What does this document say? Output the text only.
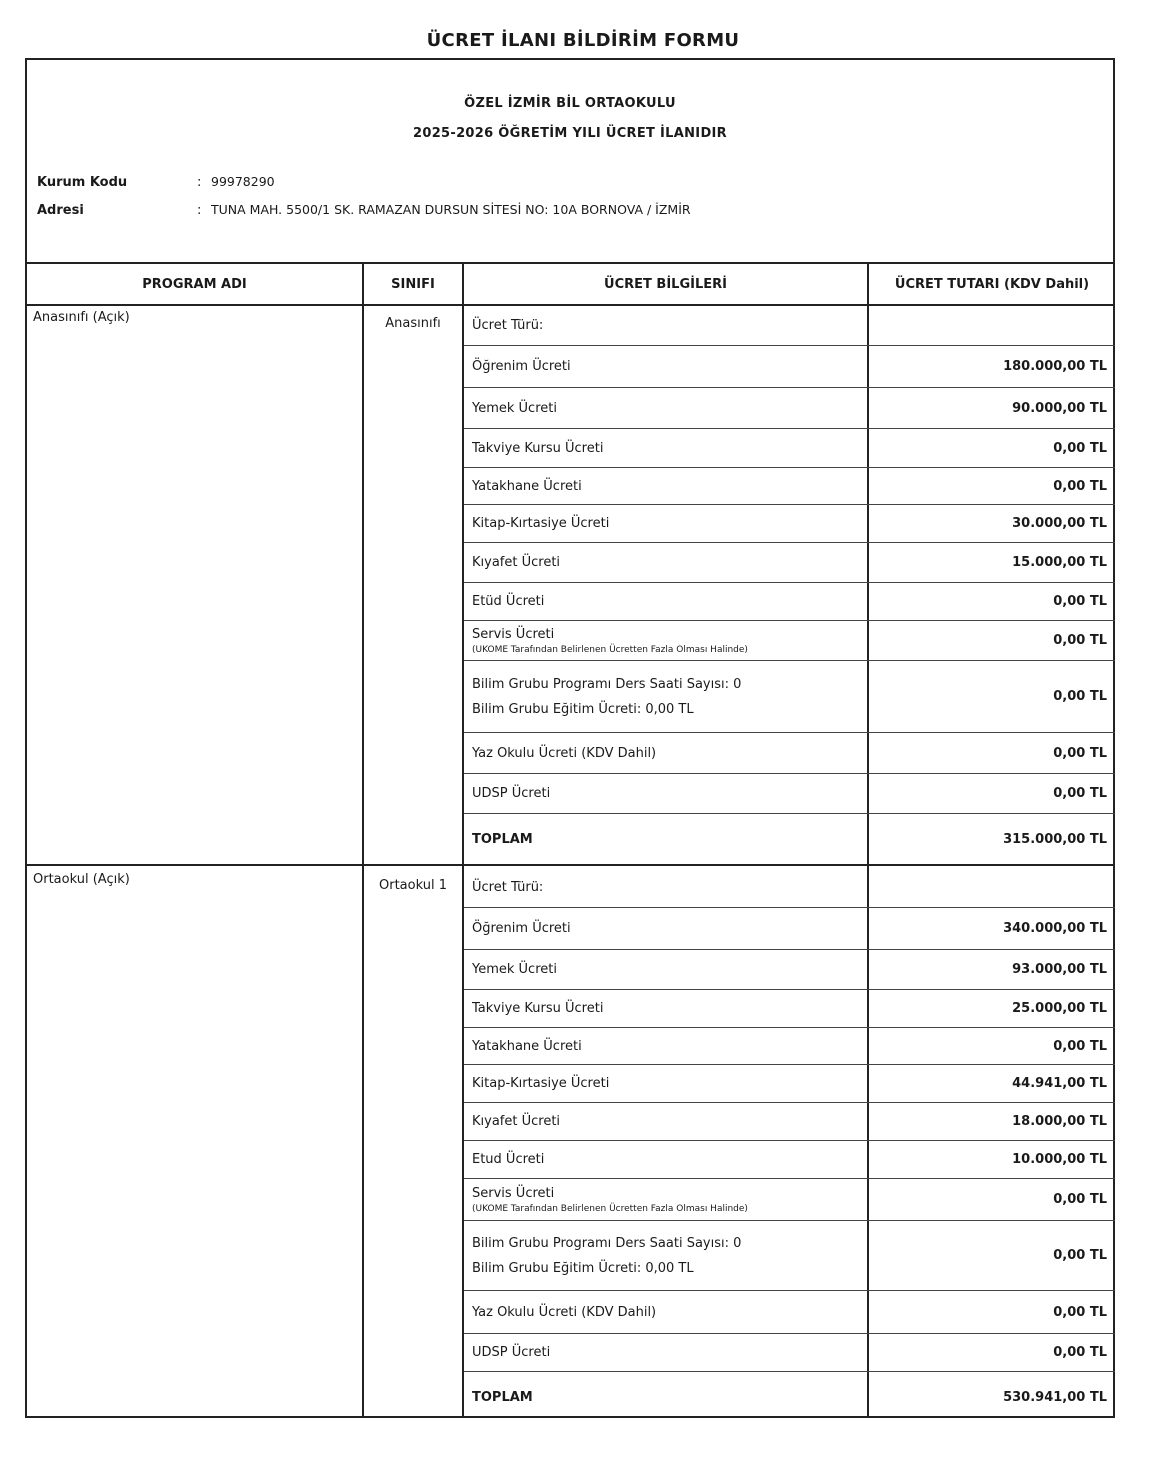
ÜCRET İLANI BİLDİRİM FORMU
ÖZEL İZMİR BİL ORTAOKULU
2025-2026 ÖĞRETİM YILI ÜCRET İLANIDIR
Kurum Kodu	: 99978290
Adresi	: TUNA MAH. 5500/1 SK. RAMAZAN DURSUN SİTESİ NO: 10A BORNOVA / İZMİR
PROGRAM ADI	SINIFI	ÜCRET BİLGİLERİ	ÜCRET TUTARI (KDV Dahil)
Anasınıfı (Açık)	Anasınıfı	Ücret Türü:
Öğrenim Ücreti	180.000,00 TL
Yemek Ücreti	90.000,00 TL
Takviye Kursu Ücreti	0,00 TL
Yatakhane Ücreti	0,00 TL
Kitap-Kırtasiye Ücreti	30.000,00 TL
Kıyafet Ücreti	15.000,00 TL
Etüd Ücreti	0,00 TL
Servis Ücreti
(UKOME Tarafından Belirlenen Ücretten Fazla Olması Halinde)
0,00 TL
Bilim Grubu Programı Ders Saati Sayısı: 0
Bilim Grubu Eğitim Ücreti: 0,00 TL
0,00 TL
Yaz Okulu Ücreti (KDV Dahil)	0,00 TL
UDSP Ücreti	0,00 TL
TOPLAM	315.000,00 TL
Ortaokul (Açık)	Ortaokul 1	Ücret Türü:
Öğrenim Ücreti	340.000,00 TL
Yemek Ücreti	93.000,00 TL
Takviye Kursu Ücreti	25.000,00 TL
Yatakhane Ücreti	0,00 TL
Kitap-Kırtasiye Ücreti	44.941,00 TL
Kıyafet Ücreti	18.000,00 TL
Etud Ücreti	10.000,00 TL
Servis Ücreti
(UKOME Tarafından Belirlenen Ücretten Fazla Olması Halinde)
0,00 TL
Bilim Grubu Programı Ders Saati Sayısı: 0
Bilim Grubu Eğitim Ücreti: 0,00 TL
0,00 TL
Yaz Okulu Ücreti (KDV Dahil)	0,00 TL
UDSP Ücreti	0,00 TL
TOPLAM	530.941,00 TL
